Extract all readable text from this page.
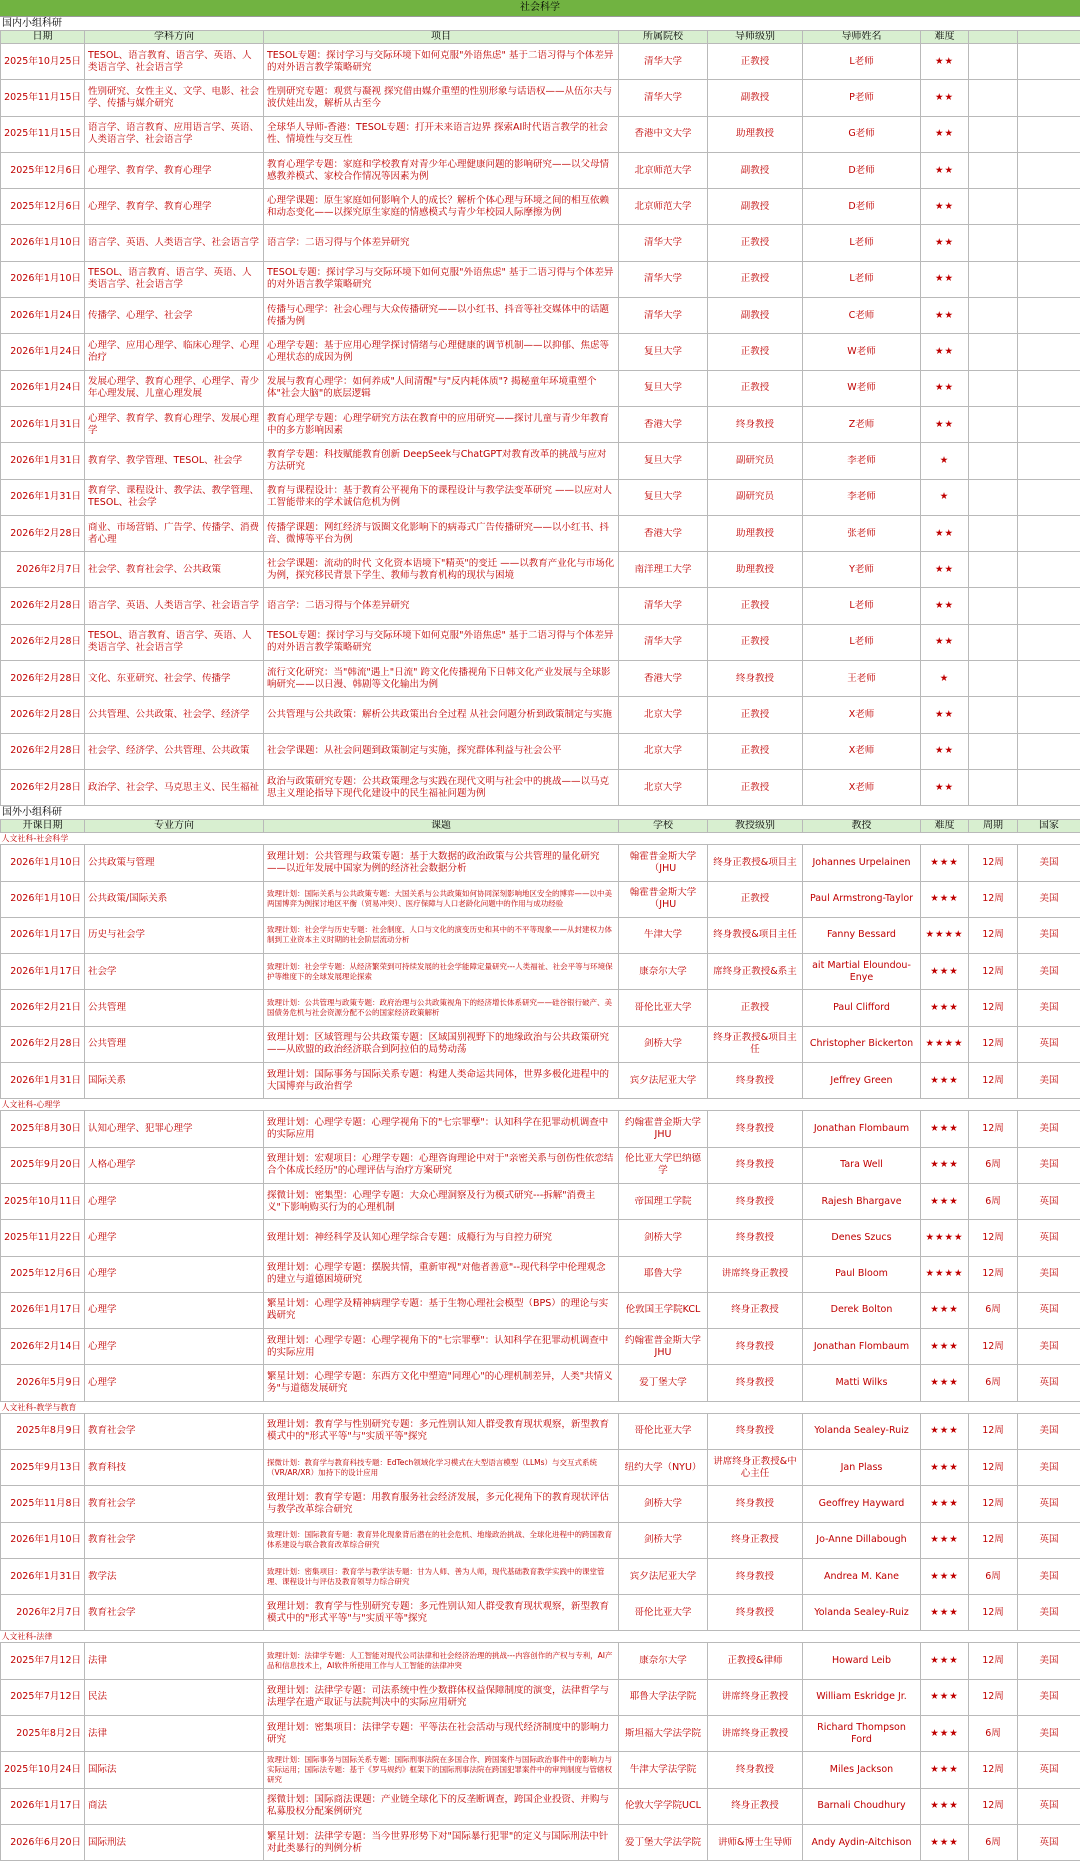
社会科学
国内小组科研
日期	学科方向	项目	所属院校	导师级别	导师姓名	难度		

2025年10月25日	TESOL、语言教育、语言学、英语、人类语言学、社会语言学	TESOL专题：探讨学习与交际环境下如何克服"外语焦虑" 基于二语习得与个体差异的对外语言教学策略研究	清华大学	正教授	L老师	★★		

2025年11月15日	性别研究、女性主义、文学、电影、社会学、传播与媒介研究	性别研究专题：观赏与凝视 探究借由媒介重塑的性别形象与话语权——从伍尔夫与波伏娃出发，解析从古至今	清华大学	副教授	P老师	★★		

2025年11月15日	语言学、语言教育、应用语言学、英语、人类语言学、社会语言学	全球华人导师-香港：TESOL专题：打开未来语言边界 探索AI时代语言教学的社会性、情境性与交互性	香港中文大学	助理教授	G老师	★★		

2025年12月6日	心理学、教育学、教育心理学	教育心理学专题：家庭和学校教育对青少年心理健康问题的影响研究——以父母情感教养模式、家校合作情况等因素为例	北京师范大学	副教授	D老师	★★		

2025年12月6日	心理学、教育学、教育心理学	心理学课题：原生家庭如何影响个人的成长？解析个体心理与环境之间的相互依赖和动态变化——以探究原生家庭的情感模式与青少年校园人际摩擦为例	北京师范大学	副教授	D老师	★★		

2026年1月10日	语言学、英语、人类语言学、社会语言学	语言学：二语习得与个体差异研究	清华大学	正教授	L老师	★★		

2026年1月10日	TESOL、语言教育、语言学、英语、人类语言学、社会语言学	TESOL专题：探讨学习与交际环境下如何克服"外语焦虑" 基于二语习得与个体差异的对外语言教学策略研究	清华大学	正教授	L老师	★★		

2026年1月24日	传播学、心理学、社会学	传播与心理学：社会心理与大众传播研究——以小红书、抖音等社交媒体中的话题传播为例	清华大学	副教授	C老师	★★		

2026年1月24日	心理学、应用心理学、临床心理学、心理治疗	心理学专题：基于应用心理学探讨情绪与心理健康的调节机制——以抑郁、焦虑等心理状态的成因为例	复旦大学	正教授	W老师	★★		

2026年1月24日	发展心理学、教育心理学、心理学、青少年心理发展、儿童心理发展	发展与教育心理学：如何养成"人间清醒"与"反内耗体质"? 揭秘童年环境重塑个体"社会大脑"的底层逻辑	复旦大学	正教授	W老师	★★		

2026年1月31日	心理学、教育学、教育心理学、发展心理学	教育心理学专题：心理学研究方法在教育中的应用研究——探讨儿童与青少年教育中的多方影响因素	香港大学	终身教授	Z老师	★★		

2026年1月31日	教育学、教学管理、TESOL、社会学	教育学专题：科技赋能教育创新 DeepSeek与ChatGPT对教育改革的挑战与应对方法研究	复旦大学	副研究员	李老师	★		

2026年1月31日	教育学、课程设计、教学法、教学管理、TESOL、社会学	教育与课程设计：基于教育公平视角下的课程设计与教学法变革研究 ——以应对人工智能带来的学术诚信危机为例	复旦大学	副研究员	李老师	★		

2026年2月28日	商业、市场营销、广告学、传播学、消费者心理	传播学课题：网红经济与饭圈文化影响下的病毒式广告传播研究——以小红书、抖音、微博等平台为例	香港大学	助理教授	张老师	★★		

2026年2月7日	社会学、教育社会学、公共政策	社会学课题：流动的时代 文化资本语境下"精英"的变迁 ——以教育产业化与市场化为例，探究移民背景下学生、教师与教育机构的现状与困境	南洋理工大学	助理教授	Y老师	★★		

2026年2月28日	语言学、英语、人类语言学、社会语言学	语言学：二语习得与个体差异研究	清华大学	正教授	L老师	★★		

2026年2月28日	TESOL、语言教育、语言学、英语、人类语言学、社会语言学	TESOL专题：探讨学习与交际环境下如何克服"外语焦虑" 基于二语习得与个体差异的对外语言教学策略研究	清华大学	正教授	L老师	★★		

2026年2月28日	文化、东亚研究、社会学、传播学	流行文化研究：当"韩流"遇上"日流" 跨文化传播视角下日韩文化产业发展与全球影响研究——以日漫、韩剧等文化输出为例	香港大学	终身教授	王老师	★		

2026年2月28日	公共管理、公共政策、社会学、经济学	公共管理与公共政策：解析公共政策出台全过程 从社会问题分析到政策制定与实施	北京大学	正教授	X老师	★★		

2026年2月28日	社会学、经济学、公共管理、公共政策	社会学课题：从社会问题到政策制定与实施，探究群体利益与社会公平	北京大学	正教授	X老师	★★		

2026年2月28日	政治学、社会学、马克思主义、民生福祉	政治与政策研究专题：公共政策理念与实践在现代文明与社会中的挑战——以马克思主义理论指导下现代化建设中的民生福祉问题为例	北京大学	正教授	X老师	★★		

国外小组科研
开课日期	专业方向	课题	学校	教授级别	教授	难度	周期	国家
人文社科-社会科学								

2026年1月10日	公共政策与管理	致理计划：公共管理与政策专题：基于大数据的政治政策与公共管理的量化研究——以近年发展中国家为例的经济社会数据分析	翰霍普金斯大学（JHU	终身正教授&项目主	Johannes Urpelainen	★★★	12周	美国

2026年1月10日	公共政策/国际关系	致理计划：国际关系与公共政策专题：大国关系与公共政策如何协同深刻影响地区安全的博弈——以中美两国博弈为例探讨地区平衡（贸易冲突）、医疗保障与人口老龄化问题中的作用与成功经验	翰霍普金斯大学（JHU	正教授	Paul Armstrong-Taylor	★★★	12周	美国

2026年1月17日	历史与社会学	致理计划：社会学与历史专题：社会制度、人口与文化的演变历史和其中的不平等现象——从封建权力体制到工业资本主义时期的社会阶层流动分析	牛津大学	终身教授&项目主任	Fanny Bessard	★★★★	12周	美国

2026年1月17日	社会学	致理计划：社会学专题：从经济繁荣到可持续发展的社会学能障定量研究---人类福祉、社会平等与环境保护等维度下的全球发展理论探索	康奈尔大学	席终身正教授&系主	ait Martial Eloundou-Enye	★★★	12周	美国

2026年2月21日	公共管理	致理计划：公共管理与政策专题：政府治理与公共政策视角下的经济增长体系研究——硅谷银行破产、美国债务危机与社会资源分配不公的国家经济政策解析	哥伦比亚大学	正教授	Paul Clifford	★★★	12周	美国

2026年2月28日	公共管理	致理计划：区域管理与公共政策专题：区域国别视野下的地缘政治与公共政策研究——从欧盟的政治经济联合到阿拉伯的局势动荡	剑桥大学	终身正教授&项目主任	Christopher Bickerton	★★★★	12周	英国

2026年1月31日	国际关系	致理计划：国际事务与国际关系专题：构建人类命运共同体，世界多极化进程中的大国博弈与政治哲学	宾夕法尼亚大学	终身教授	Jeffrey Green	★★★	12周	美国

人文社科-心理学								

2025年8月30日	认知心理学、犯罪心理学	致理计划：心理学专题：心理学视角下的"七宗罪孽"：认知科学在犯罪动机调查中的实际应用	约翰霍普金斯大学JHU	终身教授	Jonathan Flombaum	★★★	12周	美国

2025年9月20日	人格心理学	致理计划：宏观项目：心理学专题：心理咨询理论中对于"亲密关系与创伤性依恋结合个体成长经历"的心理评估与治疗方案研究	伦比亚大学巴纳德学	终身教授	Tara Well	★★★	6周	美国

2025年10月11日	心理学	探微计划：密集型：心理学专题：大众心理洞察及行为模式研究---拆解"消费主义"下影响购买行为的心理机制	帝国理工学院	终身教授	Rajesh Bhargave	★★★	6周	英国

2025年11月22日	心理学	致理计划：神经科学及认知心理学综合专题：成瘾行为与自控力研究	剑桥大学	终身教授	Denes Szucs	★★★★	12周	英国

2025年12月6日	心理学	致理计划：心理学专题：摆脱共情，重新审视"对他者善意"--现代科学中伦理观念的建立与道德困境研究	耶鲁大学	讲席终身正教授	Paul Bloom	★★★★	12周	美国

2026年1月17日	心理学	繁星计划：心理学及精神病理学专题：基于生物心理社会模型（BPS）的理论与实践研究	伦敦国王学院KCL	终身正教授	Derek Bolton	★★★	6周	英国

2026年2月14日	心理学	致理计划：心理学专题：心理学视角下的"七宗罪孽"：认知科学在犯罪动机调查中的实际应用	约翰霍普金斯大学JHU	终身教授	Jonathan Flombaum	★★★	12周	美国

2026年5月9日	心理学	繁星计划：心理学专题：东西方文化中塑造"同理心"的心理机制差异，人类"共情义务"与道德发展研究	爱丁堡大学	终身教授	Matti Wilks	★★★	6周	英国

人文社科-教学与教育								

2025年8月9日	教育社会学	致理计划：教育学与性别研究专题：多元性别认知人群受教育现状观察，新型教育模式中的"形式平等"与"实质平等"探究	哥伦比亚大学	终身教授	Yolanda Sealey-Ruiz	★★★	12周	美国

2025年9月13日	教育科技	探微计划：教育学与教育科技专题：EdTech领域化学习模式在大型语言模型（LLMs）与交互式系统（VR/AR/XR）加持下的设计应用	纽约大学（NYU）	讲席终身正教授&中心主任	Jan Plass	★★★	12周	美国

2025年11月8日	教育社会学	致理计划：教育学专题：用教育服务社会经济发展，多元化视角下的教育现状评估与教学改革综合研究	剑桥大学	终身教授	Geoffrey Hayward	★★★	12周	英国

2026年1月10日	教育社会学	致理计划：国际教育专题：教育异化现象背后潜在的社会危机、地缘政治挑战、全球化进程中的跨国教育体系建设与联合教育改革综合研究	剑桥大学	终身正教授	Jo-Anne Dillabough	★★★	12周	英国

2026年1月31日	教学法	致理计划：密集项目：教育学与教学法专题：甘为人师、善为人师，现代基础教育教学实践中的课堂管理、课程设计与评估及教育领导力综合研究	宾夕法尼亚大学	终身教授	Andrea M. Kane	★★★	6周	美国

2026年2月7日	教育社会学	致理计划：教育学与性别研究专题：多元性别认知人群受教育现状观察，新型教育模式中的"形式平等"与"实质平等"探究	哥伦比亚大学	终身教授	Yolanda Sealey-Ruiz	★★★	12周	美国

人文社科-法律								

2025年7月12日	法律	致理计划：法律学专题：人工智能对现代公司法律和社会经济治理的挑战---内容创作的产权与专利，AI产品和信息技术上，AI软件所使用工作与人工智能的法律冲突	康奈尔大学	正教授&律师	Howard Leib	★★★	12周	美国

2025年7月12日	民法	致理计划：法律学专题：司法系统中性少数群体权益保障制度的演变，法律哲学与法理学在遗产取证与法院判决中的实际应用研究	耶鲁大学法学院	讲席终身正教授	William Eskridge Jr.	★★★	12周	美国

2025年8月2日	法律	致理计划：密集项目：法律学专题：平等法在社会活动与现代经济制度中的影响力研究	斯坦福大学法学院	讲席终身正教授	Richard Thompson Ford	★★★	6周	美国

2025年10月24日	国际法	致理计划：国际事务与国际关系专题：国际刑事法院在多国合作、跨国案件与国际政治事件中的影响力与实际运用；国际法专题：基于《罗马规约》框架下的国际刑事法院在跨国犯罪案件中的审判制度与管辖权研究	牛津大学法学院	终身教授	Miles Jackson	★★★	12周	英国

2026年1月17日	商法	探微计划：国际商法课题：产业链全球化下的反垄断调查，跨国企业投资、并购与私募股权分配案例研究	伦敦大学学院UCL	终身正教授	Barnali Choudhury	★★★	12周	英国

2026年6月20日	国际刑法	繁星计划：法律学专题：当今世界形势下对"国际暴行犯罪"的定义与国际刑法中针对此类暴行的判例分析	爱丁堡大学法学院	讲师&博士生导师	Andy Aydin-Aitchison	★★★	6周	英国
